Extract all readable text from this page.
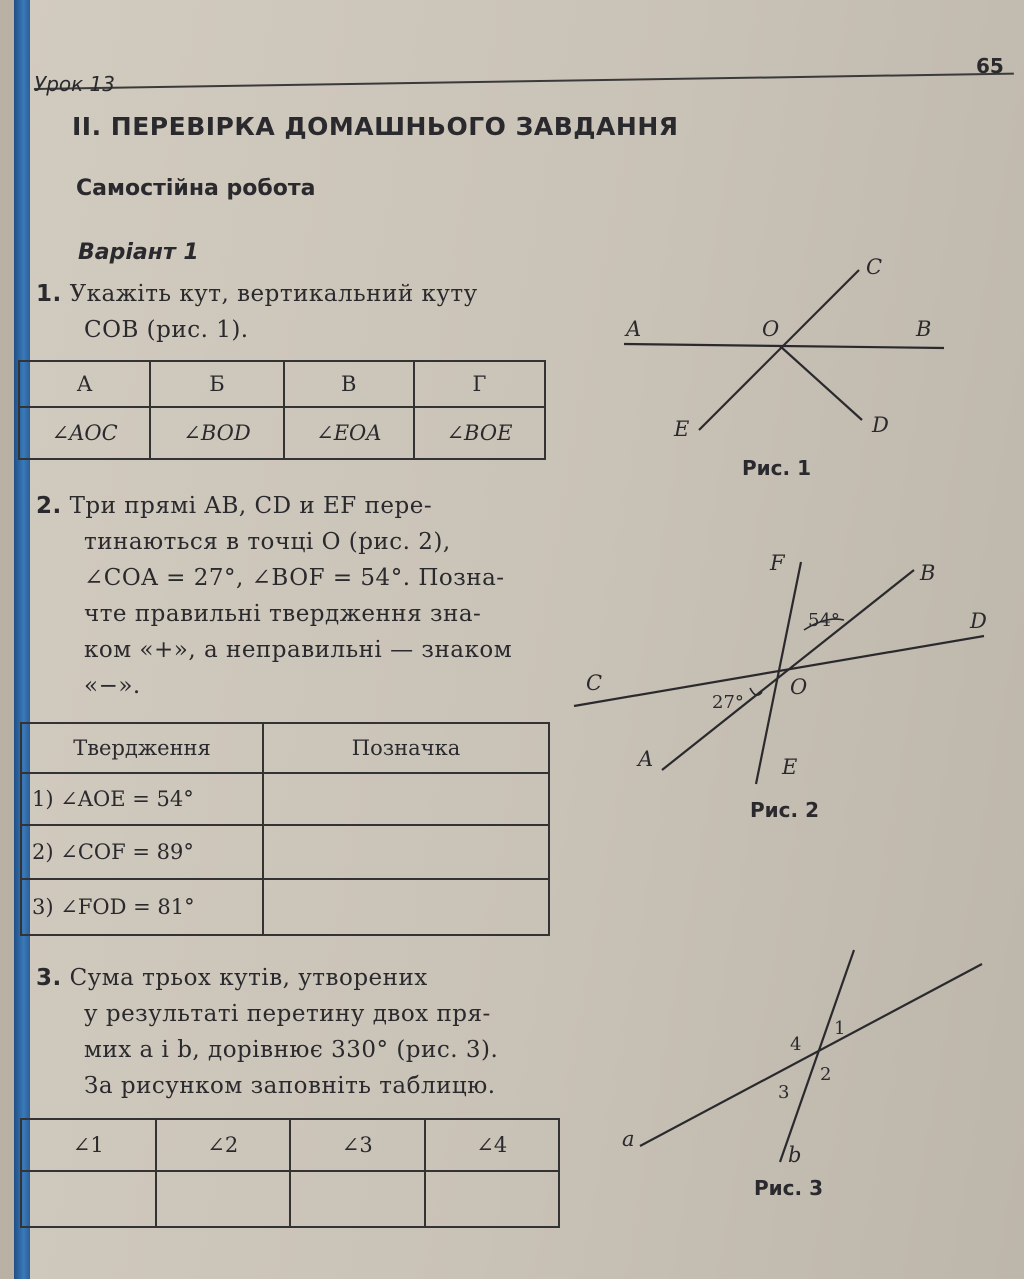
Урок 13
65
ІІ. ПЕРЕВІРКА ДОМАШНЬОГО ЗАВДАННЯ
Самостійна робота
Варіант 1
1. Укажіть кут, вертикальний куту
COB (рис. 1).
А	Б	В	Г
∠AOC	∠BOD	∠EOA	∠BOE
2. Три прямі AB, CD и EF пере-
тинаються в точці O (рис. 2),
∠COA = 27°, ∠BOF = 54°. Позна-
чте правильні твердження зна-
ком «+», а неправильні — знаком
«−».
Твердження	Позначка
1) ∠AOE = 54°	
2) ∠COF = 89°	
3) ∠FOD = 81°	
3. Сума трьох кутів, утворених
у результаті перетину двох пря-
мих a і b, дорівнює 330° (рис. 3).
За рисунком заповніть таблицю.
∠1	∠2	∠3	∠4

A	O	B
C
D
E
Рис. 1
F	B
D
C	O
A	E
54°
27°
Рис. 2
a
b
1
2
3
4
Рис. 3
